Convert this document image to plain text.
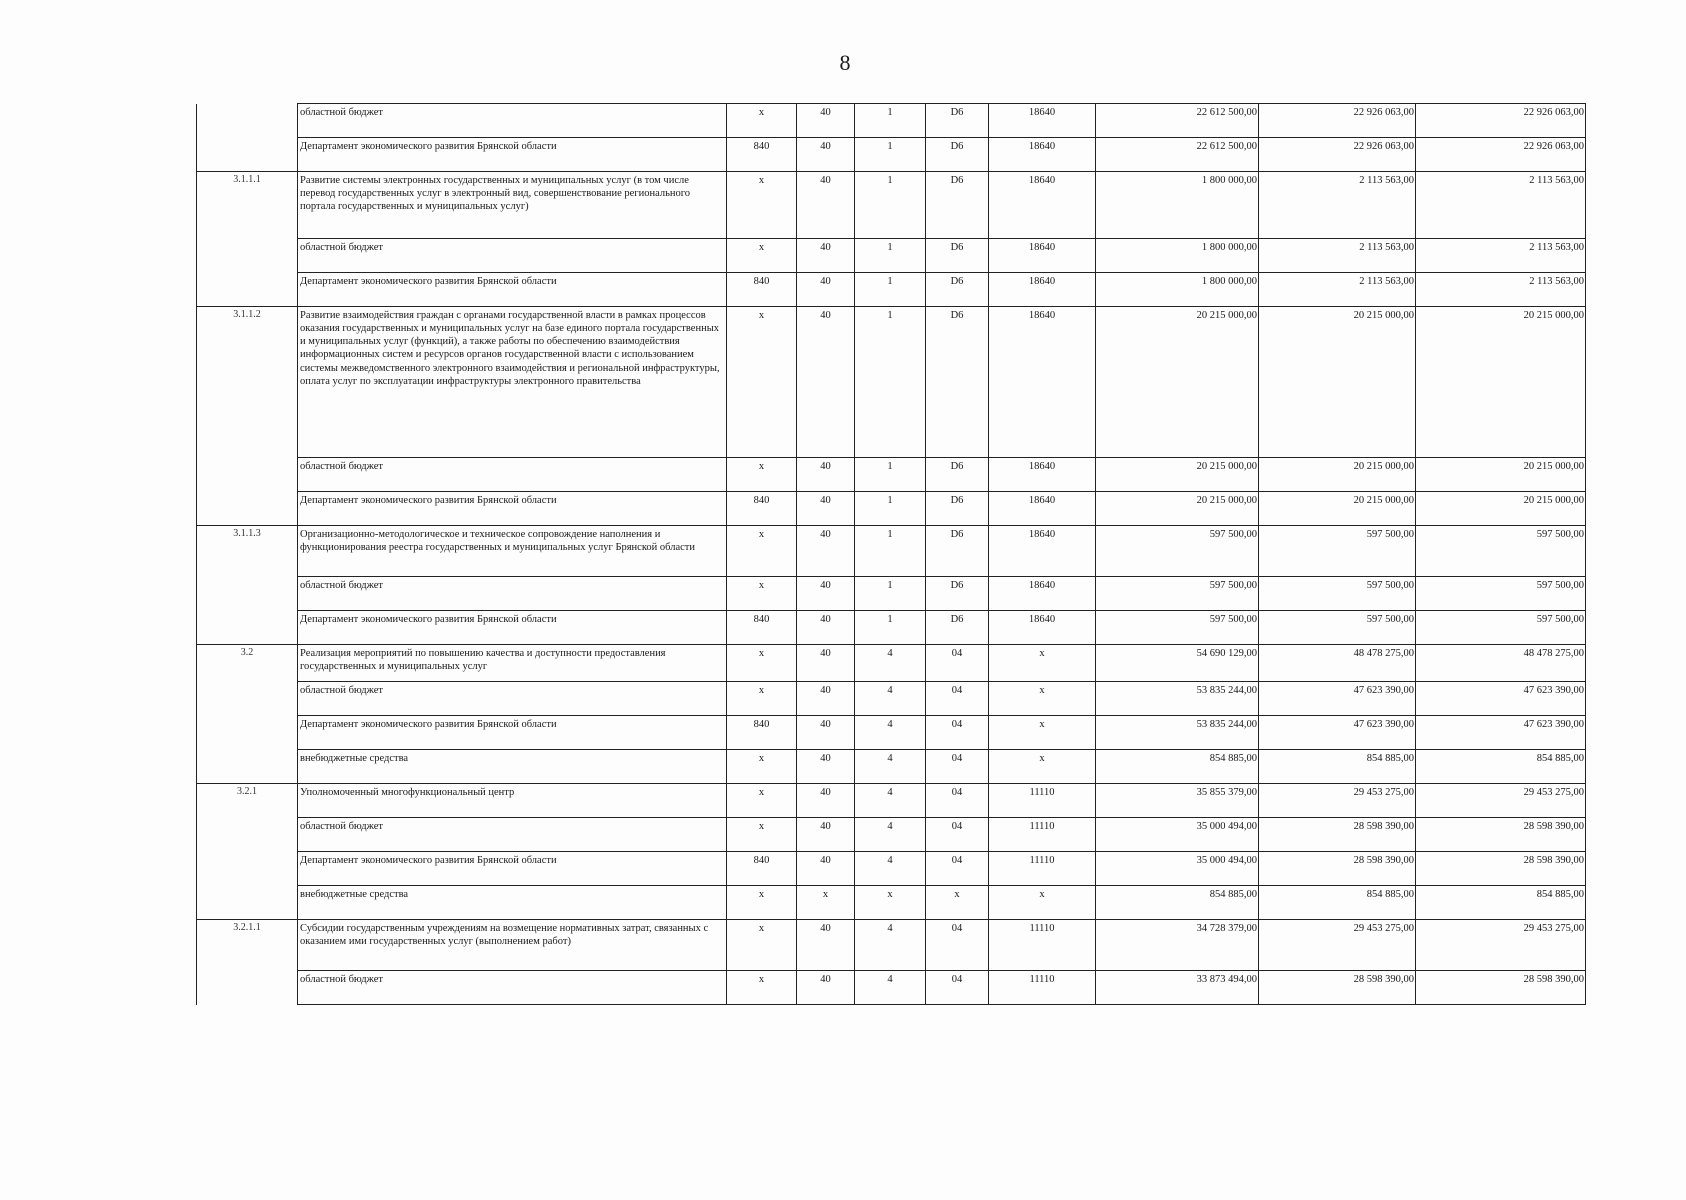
8
	областной бюджет	x	40	1	D6	18640	22 612 500,00	22 926 063,00	22 926 063,00
	Департамент экономического развития Брянской области	840	40	1	D6	18640	22 612 500,00	22 926 063,00	22 926 063,00
3.1.1.1	Развитие системы электронных государственных и муниципальных услуг (в том числе перевод государственных услуг в электронный вид, совершенствование регионального портала государственных и муниципальных услуг)	x	40	1	D6	18640	1 800 000,00	2 113 563,00	2 113 563,00
	областной бюджет	x	40	1	D6	18640	1 800 000,00	2 113 563,00	2 113 563,00
	Департамент экономического развития Брянской области	840	40	1	D6	18640	1 800 000,00	2 113 563,00	2 113 563,00
3.1.1.2	Развитие взаимодействия граждан с органами государственной власти в рамках процессов оказания государственных и муниципальных услуг на базе единого портала государственных и муниципальных услуг (функций), а также работы по обеспечению взаимодействия информационных систем и ресурсов органов государственной власти с использованием системы межведомственного электронного взаимодействия и региональной инфраструктуры, оплата услуг по эксплуатации инфраструктуры электронного правительства	x	40	1	D6	18640	20 215 000,00	20 215 000,00	20 215 000,00
	областной бюджет	x	40	1	D6	18640	20 215 000,00	20 215 000,00	20 215 000,00
	Департамент экономического развития Брянской области	840	40	1	D6	18640	20 215 000,00	20 215 000,00	20 215 000,00
3.1.1.3	Организационно-методологическое и техническое сопровождение наполнения и функционирования реестра государственных и муниципальных услуг Брянской области	x	40	1	D6	18640	597 500,00	597 500,00	597 500,00
	областной бюджет	x	40	1	D6	18640	597 500,00	597 500,00	597 500,00
	Департамент экономического развития Брянской области	840	40	1	D6	18640	597 500,00	597 500,00	597 500,00
3.2	Реализация мероприятий по повышению качества и доступности предоставления государственных и муниципальных услуг	x	40	4	04	x	54 690 129,00	48 478 275,00	48 478 275,00
	областной бюджет	x	40	4	04	x	53 835 244,00	47 623 390,00	47 623 390,00
	Департамент экономического развития Брянской области	840	40	4	04	x	53 835 244,00	47 623 390,00	47 623 390,00
	внебюджетные средства	x	40	4	04	x	854 885,00	854 885,00	854 885,00
3.2.1	Уполномоченный многофункциональный центр	x	40	4	04	11110	35 855 379,00	29 453 275,00	29 453 275,00
	областной бюджет	x	40	4	04	11110	35 000 494,00	28 598 390,00	28 598 390,00
	Департамент экономического развития Брянской области	840	40	4	04	11110	35 000 494,00	28 598 390,00	28 598 390,00
	внебюджетные средства	x	x	x	x	x	854 885,00	854 885,00	854 885,00
3.2.1.1	Субсидии государственным учреждениям на возмещение нормативных затрат, связанных с оказанием ими государственных услуг (выполнением работ)	x	40	4	04	11110	34 728 379,00	29 453 275,00	29 453 275,00
	областной бюджет	x	40	4	04	11110	33 873 494,00	28 598 390,00	28 598 390,00
